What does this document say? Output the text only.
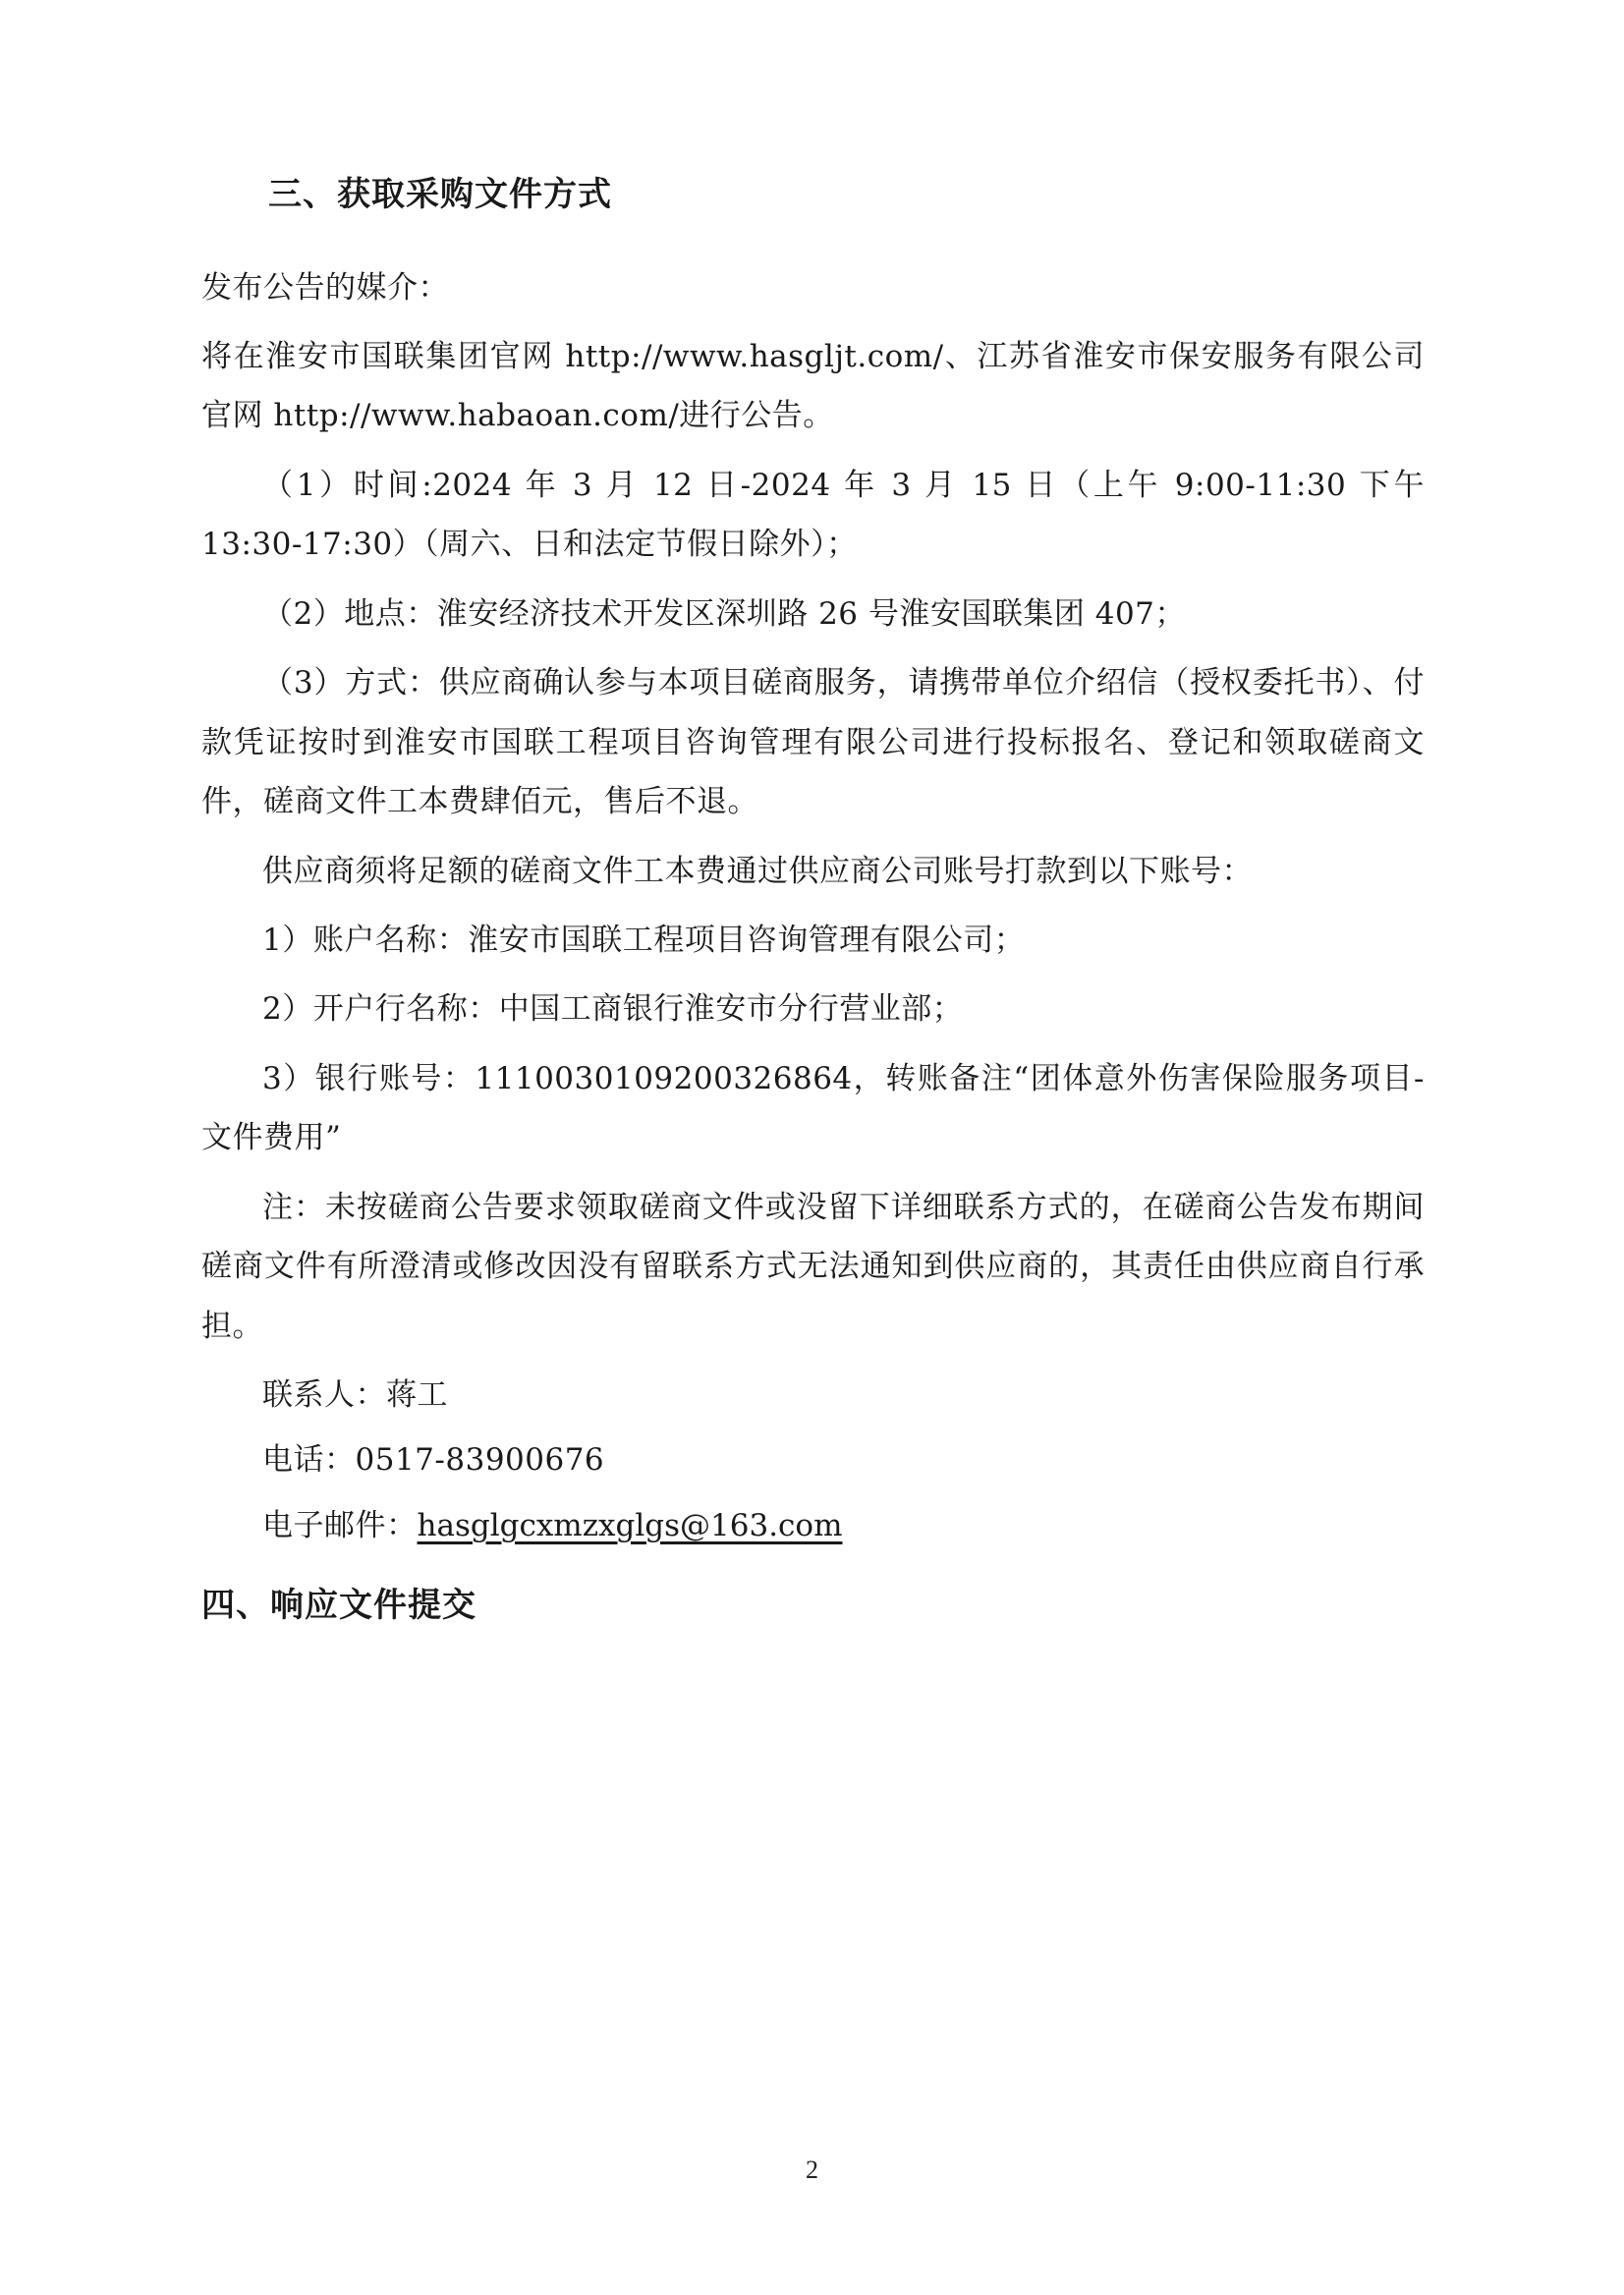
三、获取采购文件方式

发布公告的媒介：

将在淮安市国联集团官网 http://www.hasgljt.com/、江苏省淮安市保安服务有限公司官网 http://www.habaoan.com/进行公告。

（1）时间:2024 年 3 月 12 日-2024 年 3 月 15 日（上午 9:00-11:30 下午 13:30-17:30）（周六、日和法定节假日除外）；

（2）地点：淮安经济技术开发区深圳路 26 号淮安国联集团 407；

（3）方式：供应商确认参与本项目磋商服务，请携带单位介绍信（授权委托书）、付款凭证按时到淮安市国联工程项目咨询管理有限公司进行投标报名、登记和领取磋商文件，磋商文件工本费肆佰元，售后不退。

供应商须将足额的磋商文件工本费通过供应商公司账号打款到以下账号：

1）账户名称：淮安市国联工程项目咨询管理有限公司；

2）开户行名称：中国工商银行淮安市分行营业部；

3）银行账号：1110030109200326864，转账备注“团体意外伤害保险服务项目-文件费用”

注：未按磋商公告要求领取磋商文件或没留下详细联系方式的，在磋商公告发布期间磋商文件有所澄清或修改因没有留联系方式无法通知到供应商的，其责任由供应商自行承担。

联系人：蒋工

电话：0517-83900676

电子邮件：hasglgcxmzxglgs@163.com

四、响应文件提交
2
